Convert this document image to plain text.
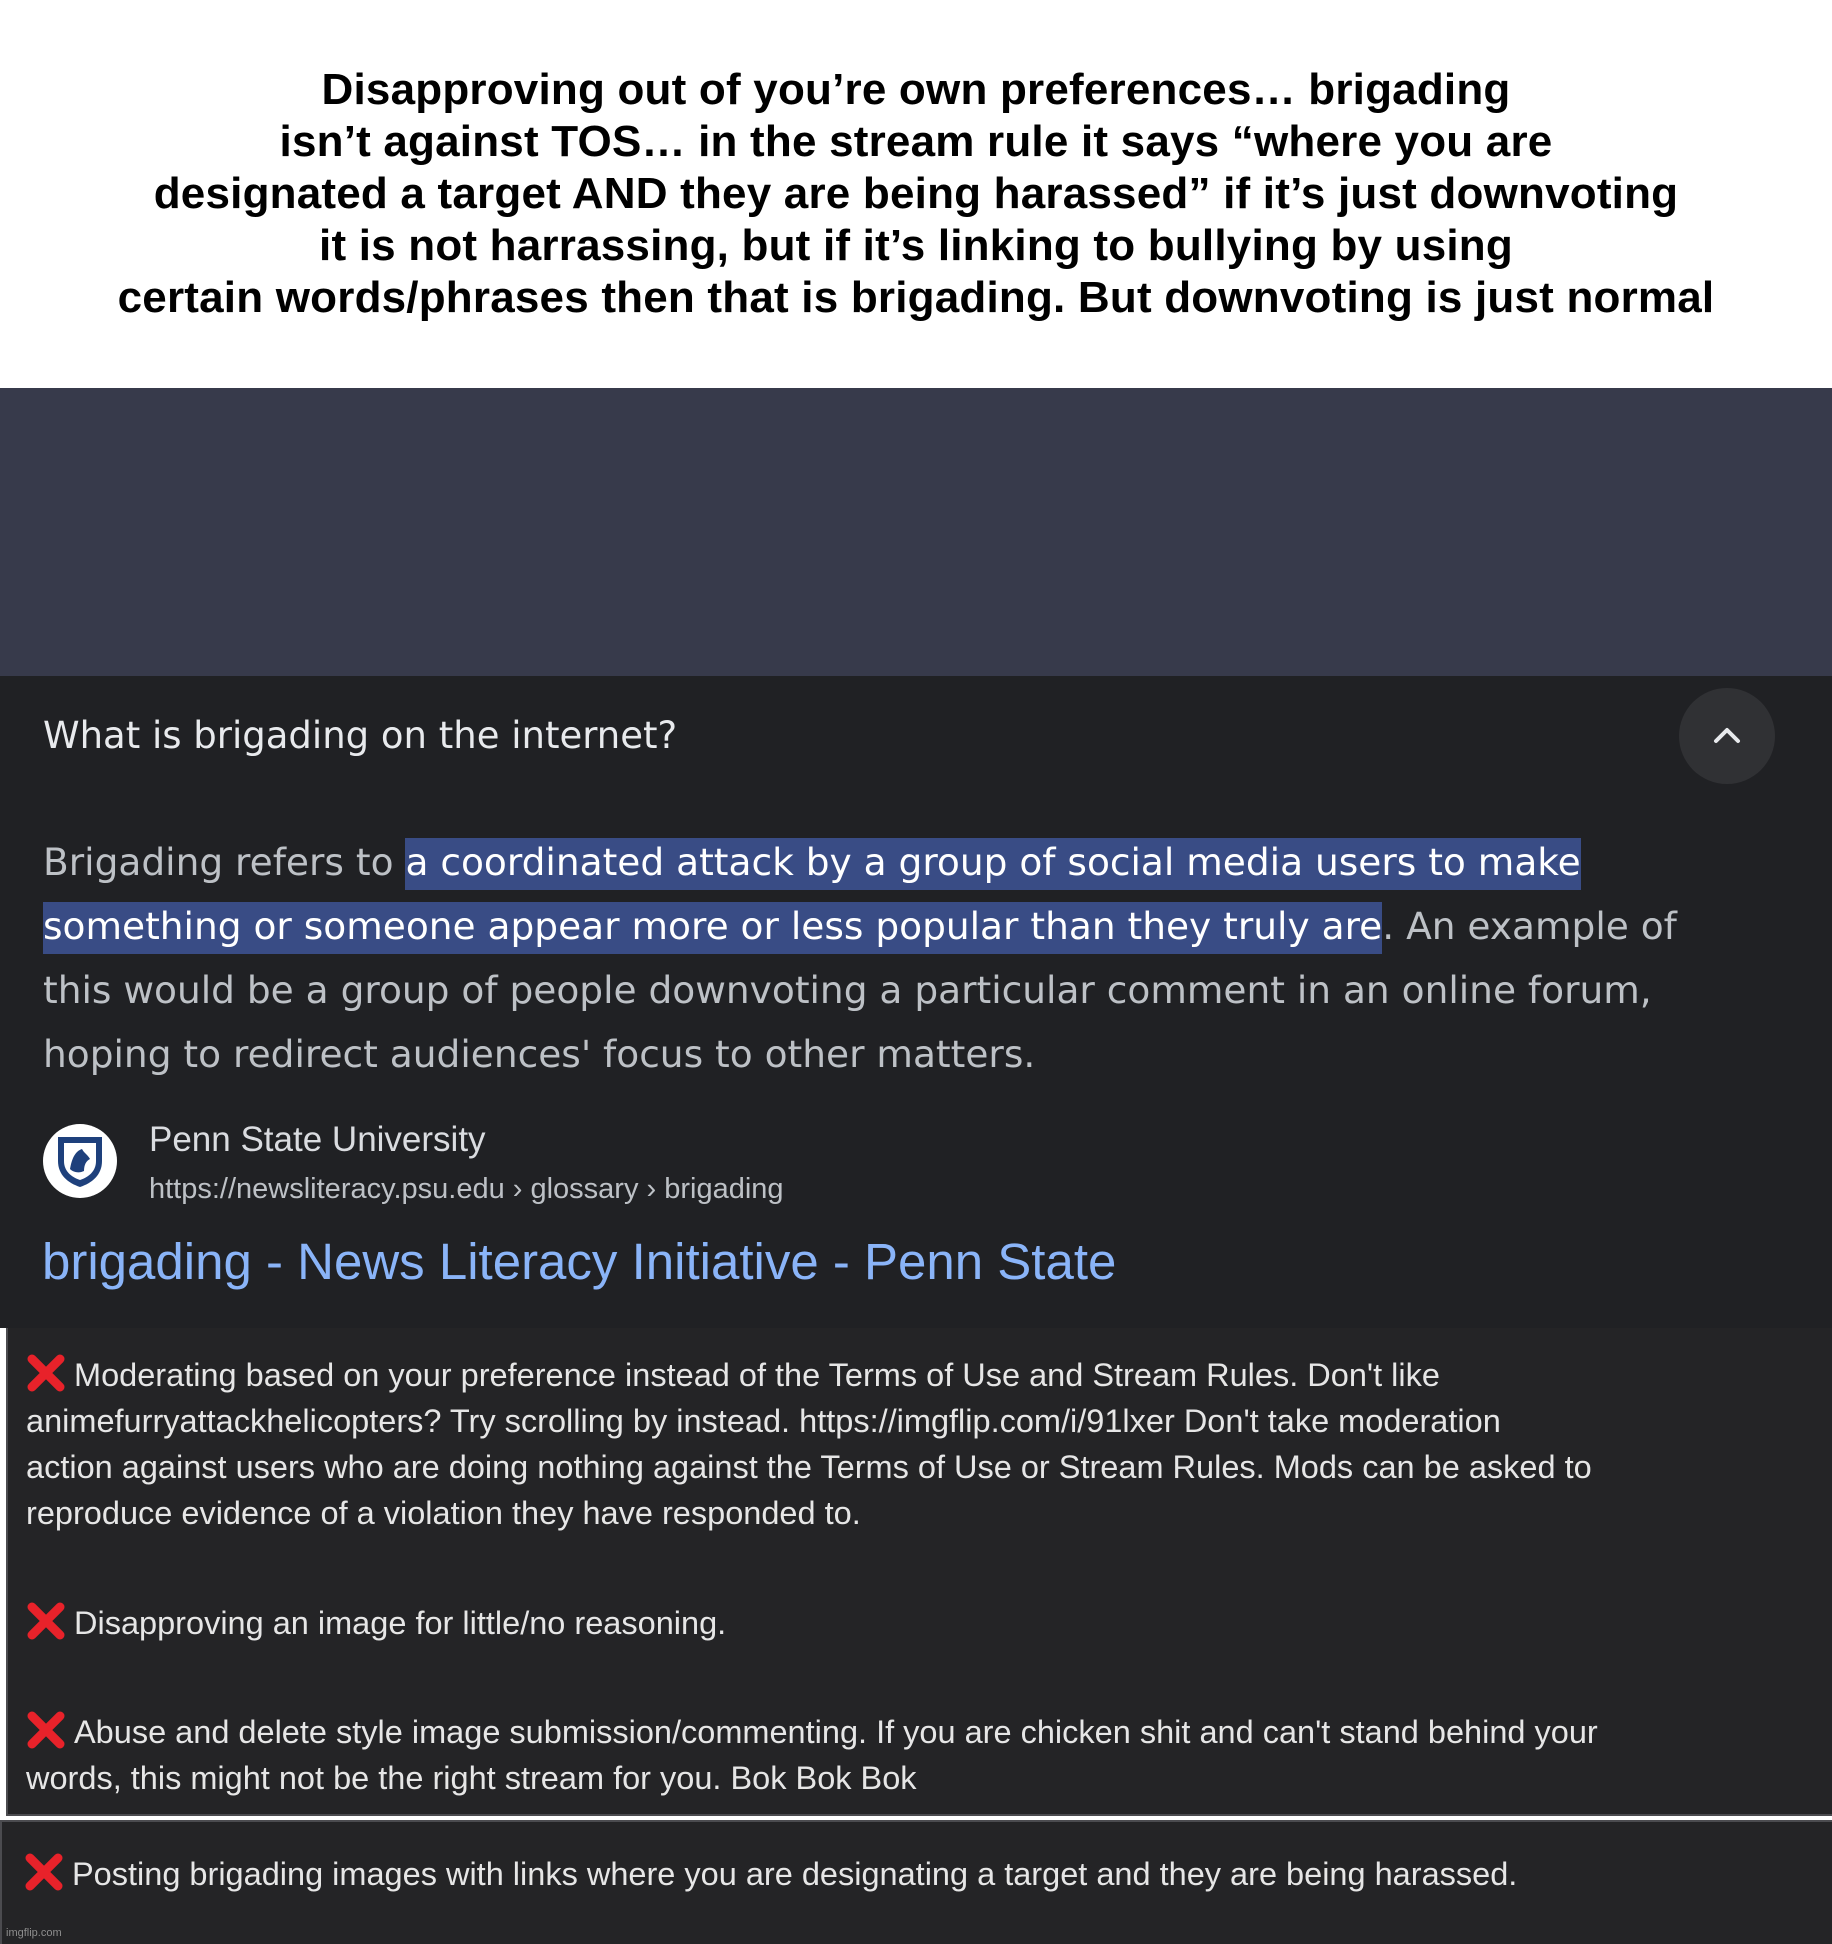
Disapproving out of you’re own preferences… brigading
isn’t against TOS… in the stream rule it says “where you are
designated a target AND they are being harassed” if it’s just downvoting
it is not harrassing, but if it’s linking to bullying by using
certain words/phrases then that is brigading. But downvoting is just normal

What is brigading on the internet?

Brigading refers to a coordinated attack by a group of social media users to make
something or someone appear more or less popular than they truly are. An example of
this would be a group of people downvoting a particular comment in an online forum,
hoping to redirect audiences' focus to other matters.

Penn State University
https://newsliteracy.psu.edu › glossary › brigading
brigading - News Literacy Initiative - Penn State

Moderating based on your preference instead of the Terms of Use and Stream Rules. Don't like
animefurryattackhelicopters? Try scrolling by instead. https://imgflip.com/i/91lxer Don't take moderation
action against users who are doing nothing against the Terms of Use or Stream Rules. Mods can be asked to
reproduce evidence of a violation they have responded to.

Disapproving an image for little/no reasoning.

Abuse and delete style image submission/commenting. If you are chicken shit and can't stand behind your
words, this might not be the right stream for you. Bok Bok Bok

Posting brigading images with links where you are designating a target and they are being harassed.

imgflip.com
